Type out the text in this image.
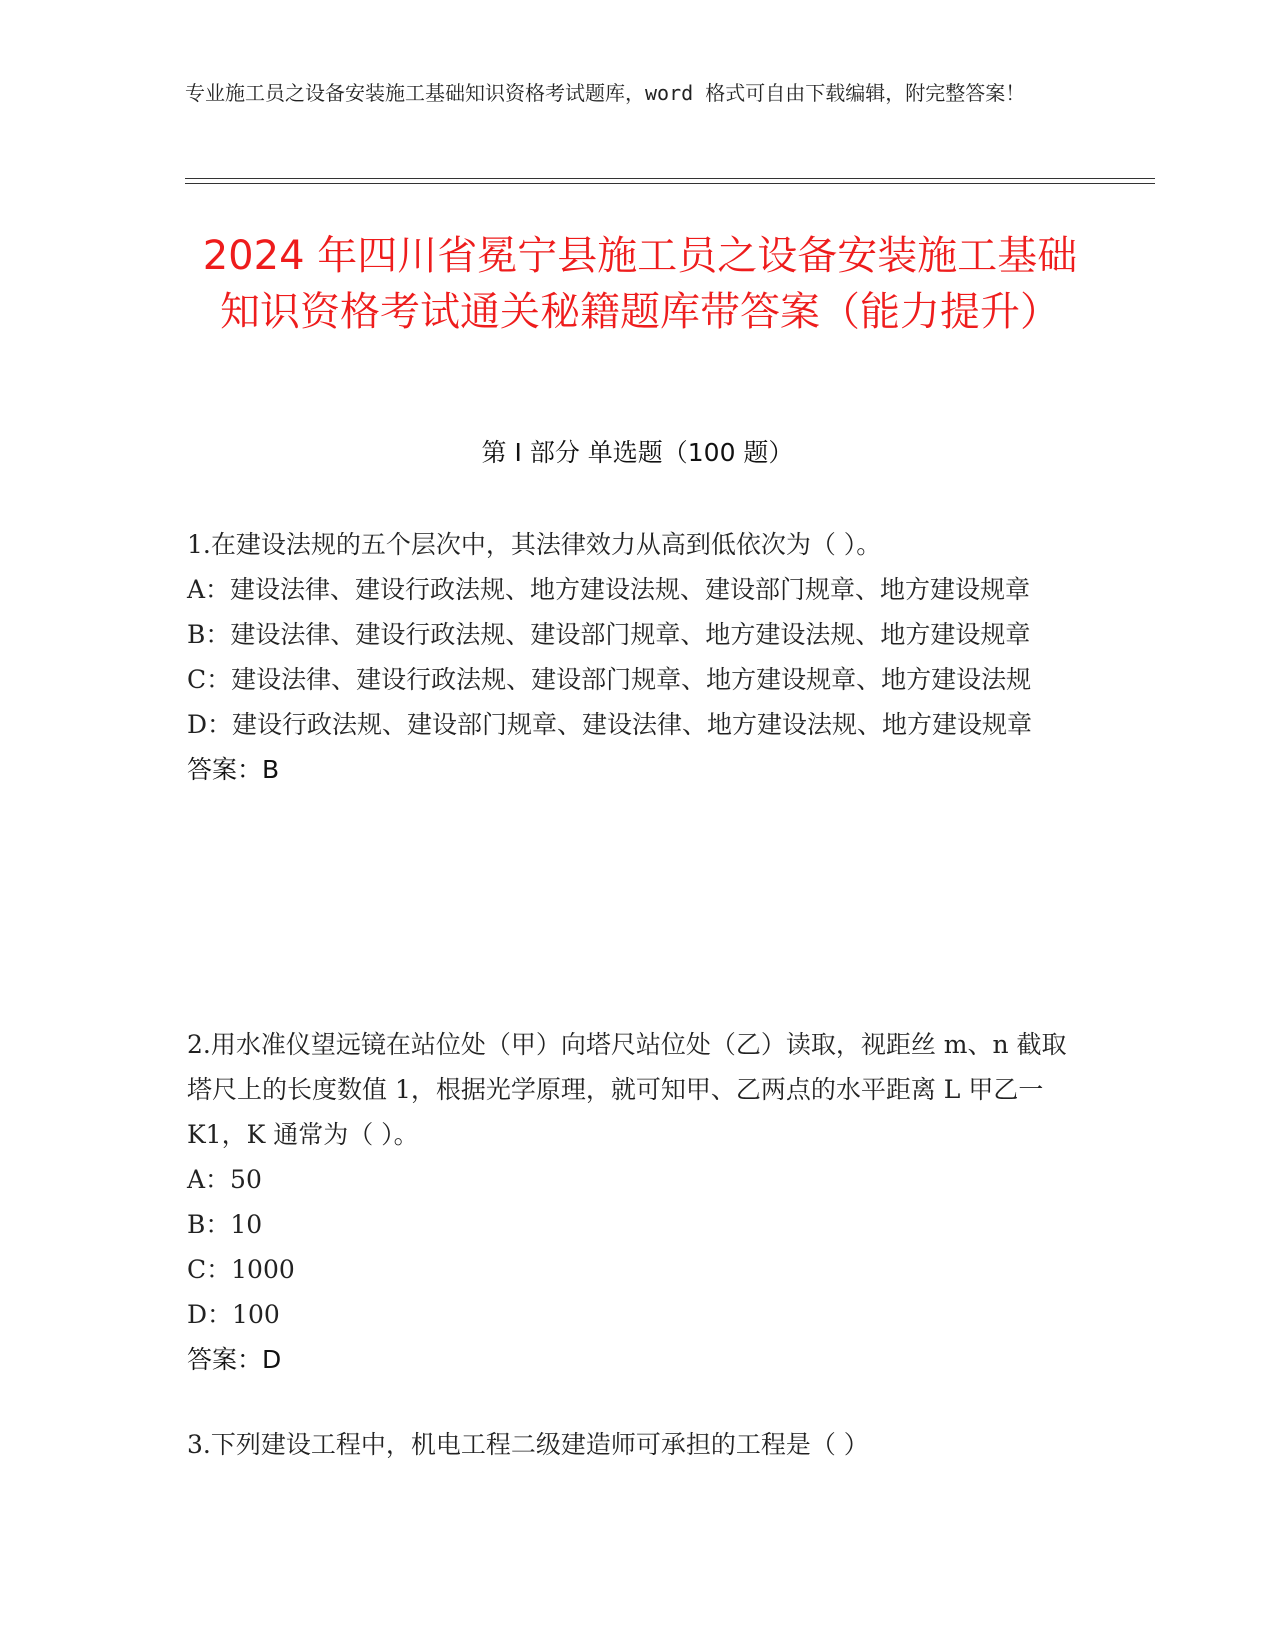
专业施工员之设备安装施工基础知识资格考试题库，word 格式可自由下载编辑，附完整答案！
2024 年四川省冕宁县施工员之设备安装施工基础知识资格考试通关秘籍题库带答案（能力提升）
第 I 部分 单选题（100 题）

1.在建设法规的五个层次中，其法律效力从高到低依次为（ ）。

A：建设法律、建设行政法规、地方建设法规、建设部门规章、地方建设规章

B：建设法律、建设行政法规、建设部门规章、地方建设法规、地方建设规章

C：建设法律、建设行政法规、建设部门规章、地方建设规章、地方建设法规

D：建设行政法规、建设部门规章、建设法律、地方建设法规、地方建设规章

答案：B

2.用水准仪望远镜在站位处（甲）向塔尺站位处（乙）读取，视距丝 m、n 截取塔尺上的长度数值 1，根据光学原理，就可知甲、乙两点的水平距离 L 甲乙一 K1，K 通常为（ ）。

A：50

B：10

C：1000

D：100

答案：D

3.下列建设工程中，机电工程二级建造师可承担的工程是（ ）
